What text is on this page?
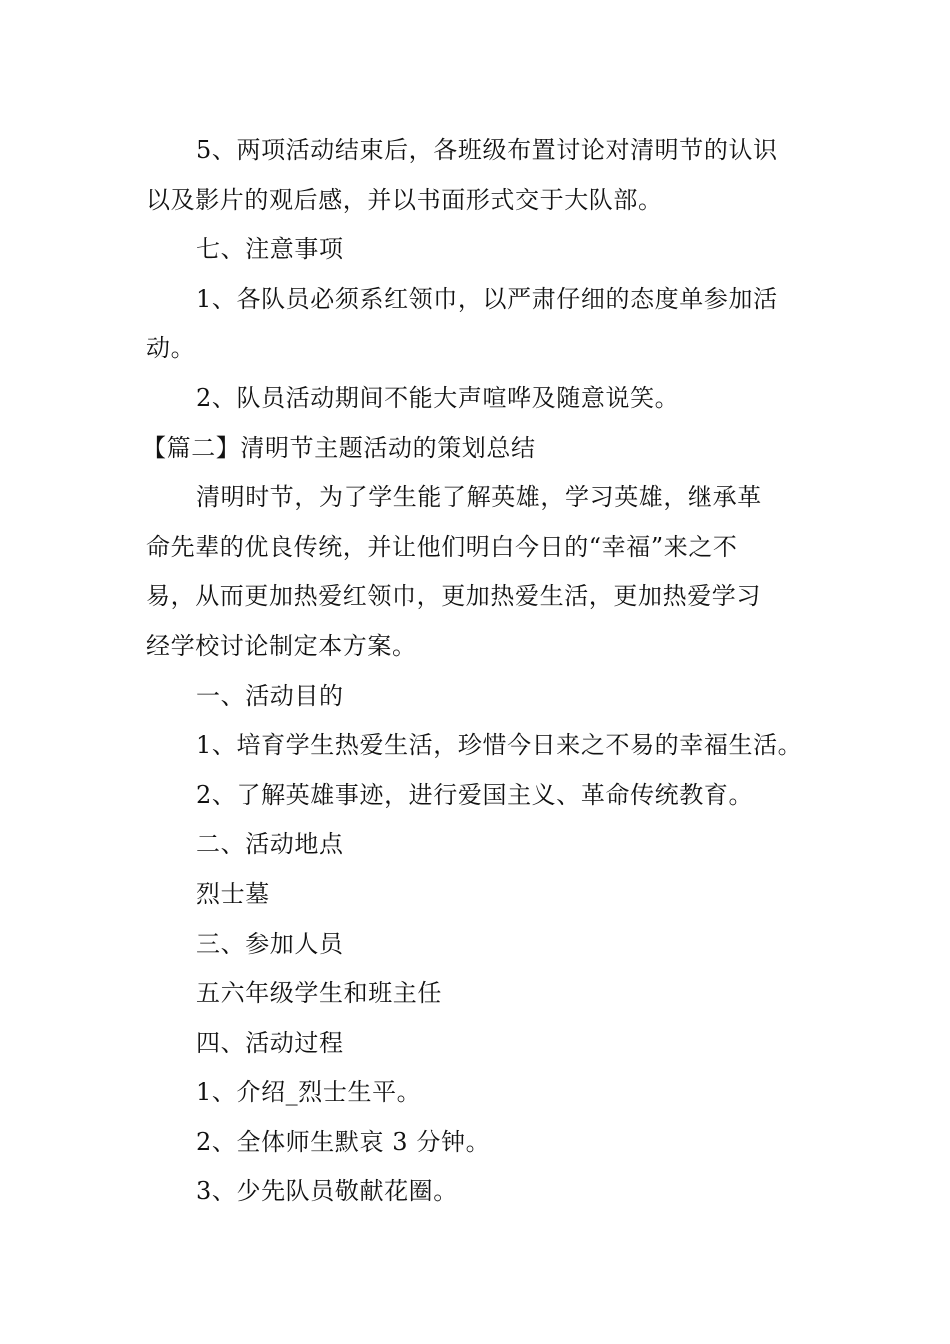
5、两项活动结束后，各班级布置讨论对清明节的认识

以及影片的观后感，并以书面形式交于大队部。

七、注意事项

1、各队员必须系红领巾，以严肃仔细的态度单参加活

动。

2、队员活动期间不能大声喧哗及随意说笑。

【篇二】清明节主题活动的策划总结

清明时节，为了学生能了解英雄，学习英雄，继承革

命先辈的优良传统，并让他们明白今日的“幸福”来之不

易，从而更加热爱红领巾，更加热爱生活，更加热爱学习

经学校讨论制定本方案。

一、活动目的

1、培育学生热爱生活，珍惜今日来之不易的幸福生活。

2、了解英雄事迹，进行爱国主义、革命传统教育。

二、活动地点

烈士墓

三、参加人员

五六年级学生和班主任

四、活动过程

1、介绍_烈士生平。

2、全体师生默哀 3 分钟。

3、少先队员敬献花圈。
